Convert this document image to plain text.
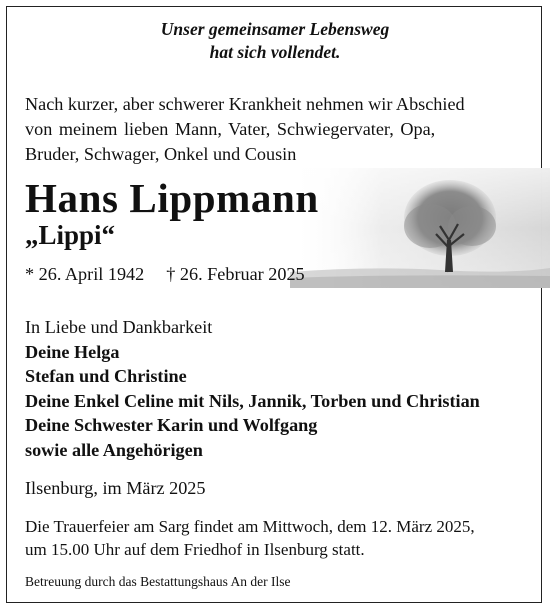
Unser gemeinsamer Lebensweg
hat sich vollendet.
Nach kurzer, aber schwerer Krankheit nehmen wir Abschied
von meinem lieben Mann, Vater, Schwiegervater, Opa,
Bruder, Schwager, Onkel und Cousin
Hans Lippmann
„Lippi“
* 26. April 1942 † 26. Februar 2025
In Liebe und Dankbarkeit
Deine Helga
Stefan und Christine
Deine Enkel Celine mit Nils, Jannik, Torben und Christian
Deine Schwester Karin und Wolfgang
sowie alle Angehörigen
Ilsenburg, im März 2025
Die Trauerfeier am Sarg findet am Mittwoch, dem 12. März 2025,
um 15.00 Uhr auf dem Friedhof in Ilsenburg statt.
Betreuung durch das Bestattungshaus An der Ilse
